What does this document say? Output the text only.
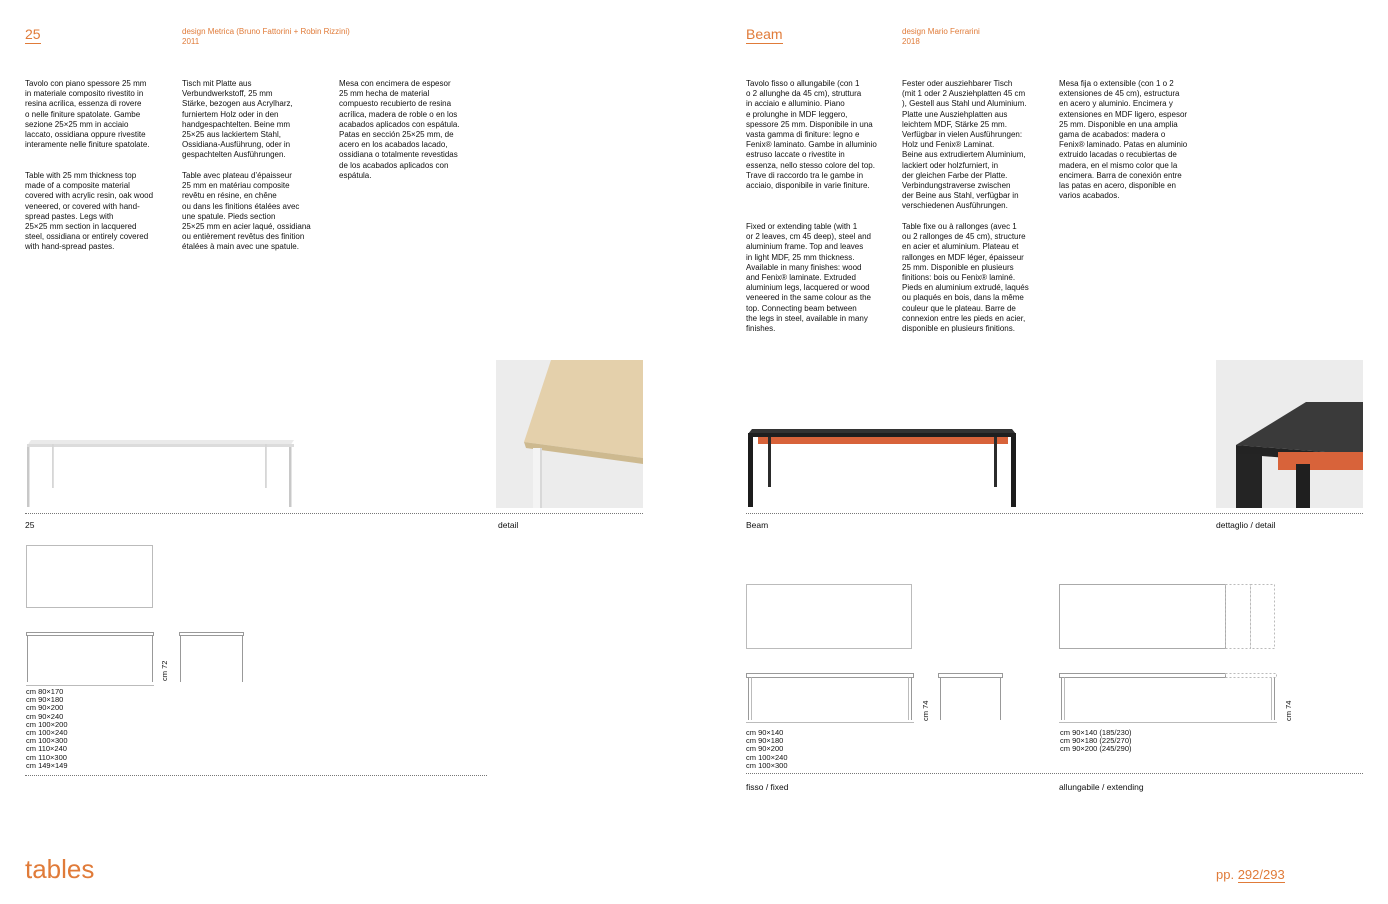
25	design Metrica (Bruno Fattorini + Robin Rizzini)
2011
Tavolo con piano spessore 25 mm
in materiale composito rivestito in
resina acrilica, essenza di rovere
o nelle finiture spatolate. Gambe
sezione 25×25 mm in acciaio
laccato, ossidiana oppure rivestite
interamente nelle finiture spatolate.
Table with 25 mm thickness top
made of a composite material
covered with acrylic resin, oak wood
veneered, or covered with hand-
spread pastes. Legs with
25×25 mm section in lacquered
steel, ossidiana or entirely covered
with hand-spread pastes.
Tisch mit Platte aus
Verbundwerkstoff, 25 mm
Stärke, bezogen aus Acrylharz,
furniertem Holz oder in den
handgespachtelten. Beine mm
25×25 aus lackiertem Stahl,
Ossidiana-Ausführung, oder in
gespachtelten Ausführungen.
Table avec plateau d’épaisseur
25 mm en matériau composite
revêtu en résine, en chêne
ou dans les finitions étalées avec
une spatule. Pieds section
25×25 mm en acier laqué, ossidiana
ou entièrement revêtus des finition
étalées à main avec une spatule.
Mesa con encimera de espesor
25 mm hecha de material
compuesto recubierto de resina
acrílica, madera de roble o en los
acabados aplicados con espátula.
Patas en sección 25×25 mm, de
acero en los acabados lacado,
ossidiana o totalmente revestidas
de los acabados aplicados con
espátula.
25	detail
cm 72
cm 80×170
cm 90×180
cm 90×200
cm 90×240
cm 100×200
cm 100×240
cm 100×300
cm 110×240
cm 110×300
cm 149×149
tables
Beam	design Mario Ferrarini
2018
Tavolo fisso o allungabile (con 1
o 2 allunghe da 45 cm), struttura
in acciaio e alluminio. Piano
e prolunghe in MDF leggero,
spessore 25 mm. Disponibile in una
vasta gamma di finiture: legno e
Fenix® laminato. Gambe in alluminio
estruso laccate o rivestite in
essenza, nello stesso colore del top.
Trave di raccordo tra le gambe in
acciaio, disponibile in varie finiture.
Fixed or extending table (with 1
or 2 leaves, cm 45 deep), steel and
aluminium frame. Top and leaves
in light MDF, 25 mm thickness.
Available in many finishes: wood
and Fenix® laminate. Extruded
aluminium legs, lacquered or wood
veneered in the same colour as the
top. Connecting beam between
the legs in steel, available in many
finishes.
Fester oder ausziehbarer Tisch
(mit 1 oder 2 Ausziehplatten 45 cm
), Gestell aus Stahl und Aluminium.
Platte une Ausziehplatten aus
leichtem MDF, Stärke 25 mm.
Verfügbar in vielen Ausführungen:
Holz und Fenix® Laminat.
Beine aus extrudiertem Aluminium,
lackiert oder holzfurniert, in
der gleichen Farbe der Platte.
Verbindungstraverse zwischen
der Beine aus Stahl, verfügbar in
verschiedenen Ausführungen.
Table fixe ou à rallonges (avec 1
ou 2 rallonges de 45 cm), structure
en acier et aluminium. Plateau et
rallonges en MDF léger, épaisseur
25 mm. Disponible en plusieurs
finitions: bois ou Fenix® laminé.
Pieds en aluminium extrudé, laqués
ou plaqués en bois, dans la même
couleur que le plateau. Barre de
connexion entre les pieds en acier,
disponible en plusieurs finitions.
Mesa fija o extensible (con 1 o 2
extensiones de 45 cm), estructura
en acero y aluminio. Encimera y
extensiones en MDF ligero, espesor
25 mm. Disponible en una amplia
gama de acabados: madera o
Fenix® laminado. Patas en aluminio
extruido lacadas o recubiertas de
madera, en el mismo color que la
encimera. Barra de conexión entre
las patas en acero, disponible en
varios acabados.
Beam	dettaglio / detail
cm 74
cm 90×140
cm 90×180
cm 90×200
cm 100×240
cm 100×300
cm 74
cm 90×140 (185/230)
cm 90×180 (225/270)
cm 90×200 (245/290)
fisso / fixed	allungabile / extending
pp. 292/293
